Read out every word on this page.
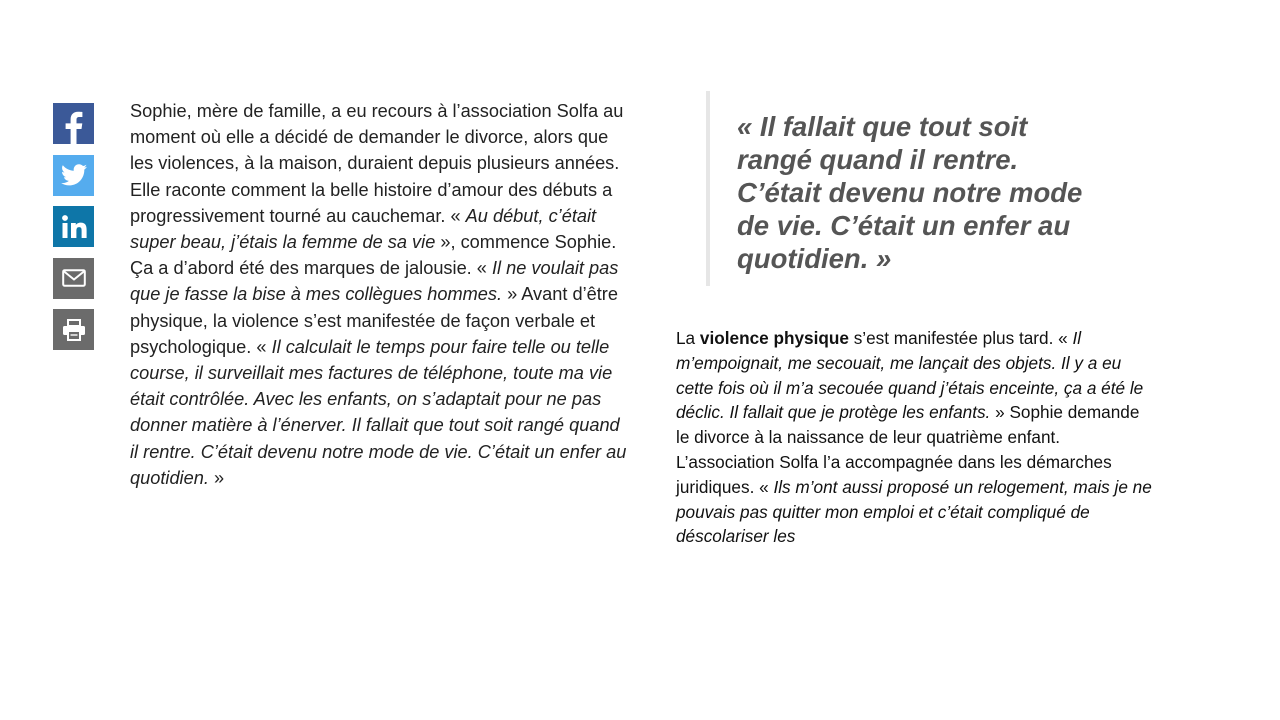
Sophie, mère de famille, a eu recours à l’association Solfa au moment où elle a décidé de demander le divorce, alors que les violences, à la maison, duraient depuis plusieurs années. Elle raconte comment la belle histoire d’amour des débuts a progressivement tourné au cauchemar. « Au début, c’était super beau, j’étais la femme de sa vie », commence Sophie. Ça a d’abord été des marques de jalousie. « Il ne voulait pas que je fasse la bise à mes collègues hommes. » Avant d’être physique, la violence s’est manifestée de façon verbale et psychologique. « Il calculait le temps pour faire telle ou telle course, il surveillait mes factures de téléphone, toute ma vie était contrôlée. Avec les enfants, on s’adaptait pour ne pas donner matière à l’énerver. Il fallait que tout soit rangé quand il rentre. C’était devenu notre mode de vie. C’était un enfer au quotidien. »

« Il fallait que tout soit rangé quand il rentre. C’était devenu notre mode de vie. C’était un enfer au quotidien. »

La violence physique s’est manifestée plus tard. « Il m’empoignait, me secouait, me lançait des objets. Il y a eu cette fois où il m’a secouée quand j’étais enceinte, ça a été le déclic. Il fallait que je protège les enfants. » Sophie demande le divorce à la naissance de leur quatrième enfant. L’association Solfa l’a accompagnée dans les démarches juridiques. « Ils m’ont aussi proposé un relogement, mais je ne pouvais pas quitter mon emploi et c’était compliqué de déscolariser les
